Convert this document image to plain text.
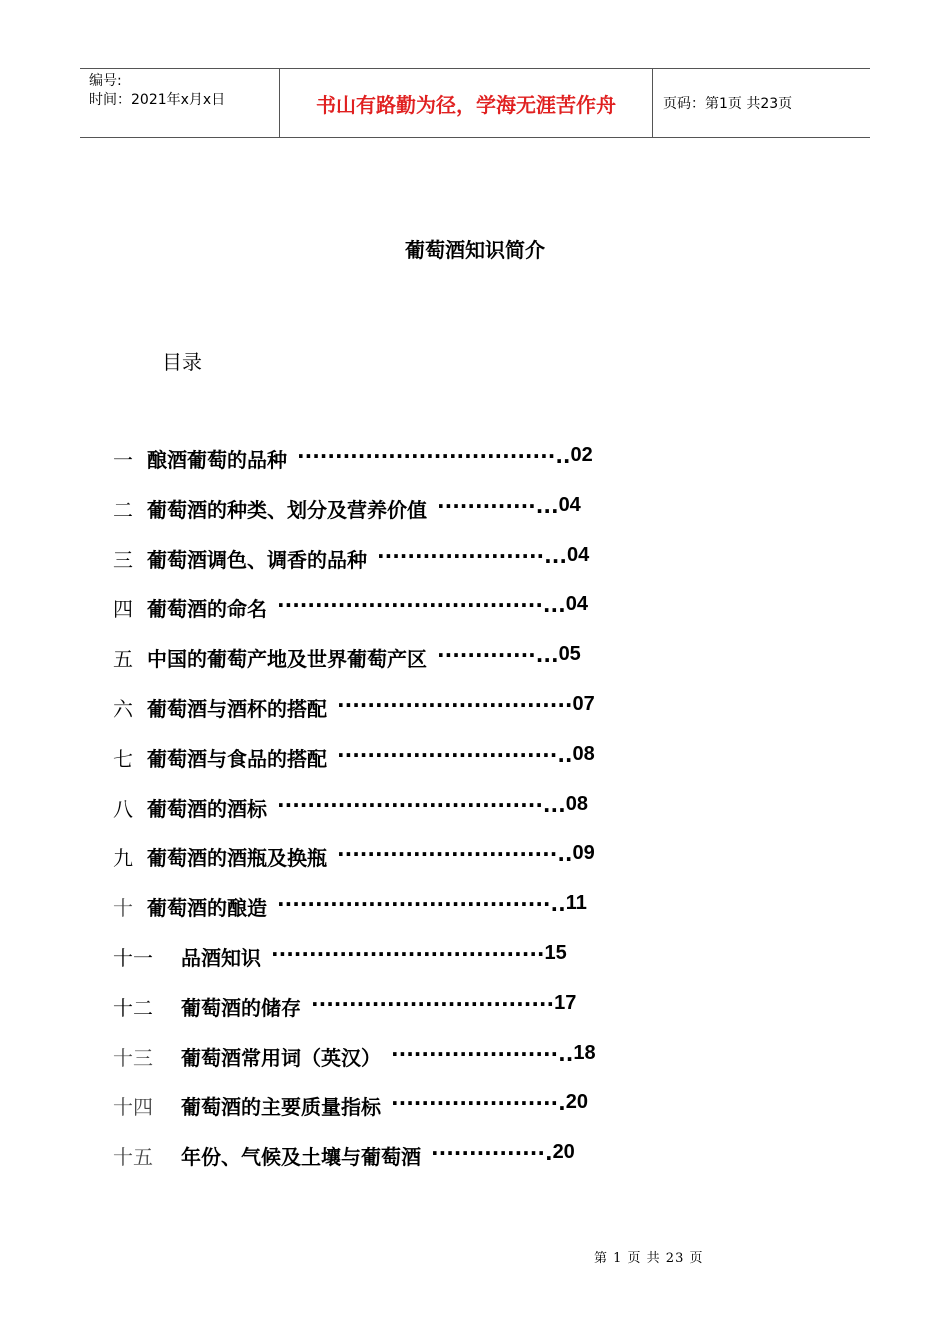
编号:
时间：2021年x月x日	书山有路勤为径，学海无涯苦作舟	页码：第1页 共23页
葡萄酒知识简介
目录
一 酿酒葡萄的品种 ··································.. 02
二 葡萄酒的种类、划分及营养价值 ·············... 04
三 葡萄酒调色、调香的品种 ······················... 04
四 葡萄酒的命名 ···································... 04
五 中国的葡萄产地及世界葡萄产区 ·············... 05
六 葡萄酒与酒杯的搭配 ······························· 07
七 葡萄酒与食品的搭配 ·····························.. 08
八 葡萄酒的酒标 ···································... 08
九 葡萄酒的酒瓶及换瓶 ·····························.. 09
十 葡萄酒的酿造 ····································.. 11
十一	品酒知识 ···································· 15
十二	葡萄酒的储存 ································ 17
十三	葡萄酒常用词（英汉） ······················.. 18
十四	葡萄酒的主要质量指标 ······················. 20
十五	年份、气候及土壤与葡萄酒 ···············. 20
第 1 页 共 23 页
